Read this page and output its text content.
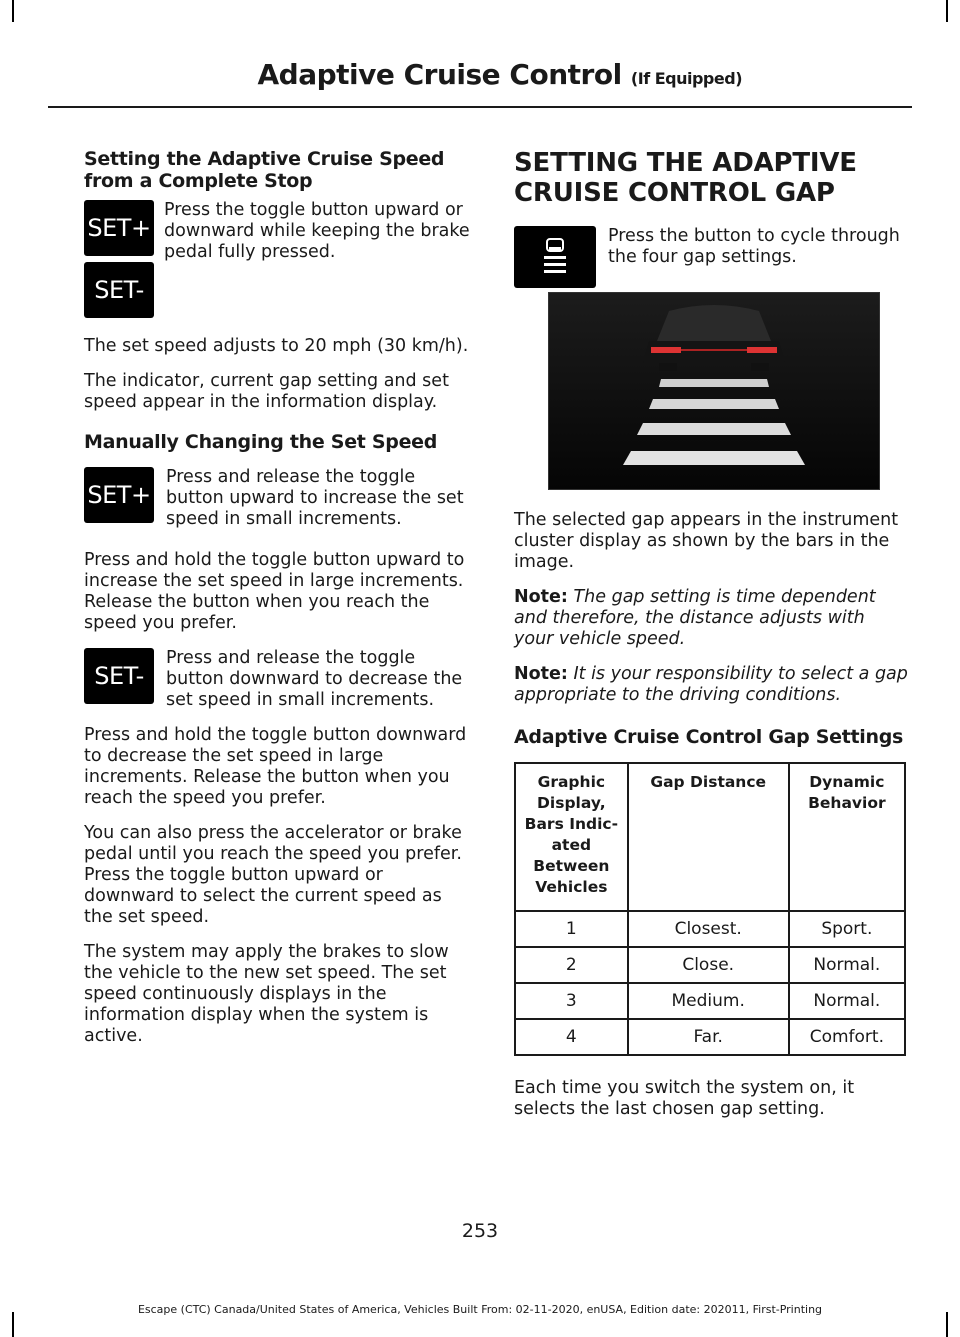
Adaptive Cruise Control (If Equipped)
Setting the Adaptive Cruise Speed from a Complete Stop
SET+
SET-

Press the toggle button upward or downward while keeping the brake pedal fully pressed.

The set speed adjusts to 20 mph (30 km/h).

The indicator, current gap setting and set speed appear in the information display.

Manually Changing the Set Speed
SET+

Press and release the toggle button upward to increase the set speed in small increments.

Press and hold the toggle button upward to increase the set speed in large increments. Release the button when you reach the speed you prefer.

SET-

Press and release the toggle button downward to decrease the set speed in small increments.

Press and hold the toggle button downward to decrease the set speed in large increments. Release the button when you reach the speed you prefer.

You can also press the accelerator or brake pedal until you reach the speed you prefer. Press the toggle button upward or downward to select the current speed as the set speed.

The system may apply the brakes to slow the vehicle to the new set speed. The set speed continuously displays in the information display when the system is active.

SETTING THE ADAPTIVE
CRUISE CONTROL GAP

Press the button to cycle through the four gap settings.

The selected gap appears in the instrument cluster display as shown by the bars in the image.

Note: The gap setting is time dependent and therefore, the distance adjusts with your vehicle speed.

Note: It is your responsibility to select a gap appropriate to the driving conditions.

Adaptive Cruise Control Gap Settings
Graphic Display, Bars Indic-ated Between Vehicles	Gap Distance	Dynamic Behavior
1	Closest.	Sport.
2	Close.	Normal.
3	Medium.	Normal.
4	Far.	Comfort.

Each time you switch the system on, it selects the last chosen gap setting.

253
Escape (CTC) Canada/United States of America, Vehicles Built From: 02-11-2020, enUSA, Edition date: 202011, First-Printing
